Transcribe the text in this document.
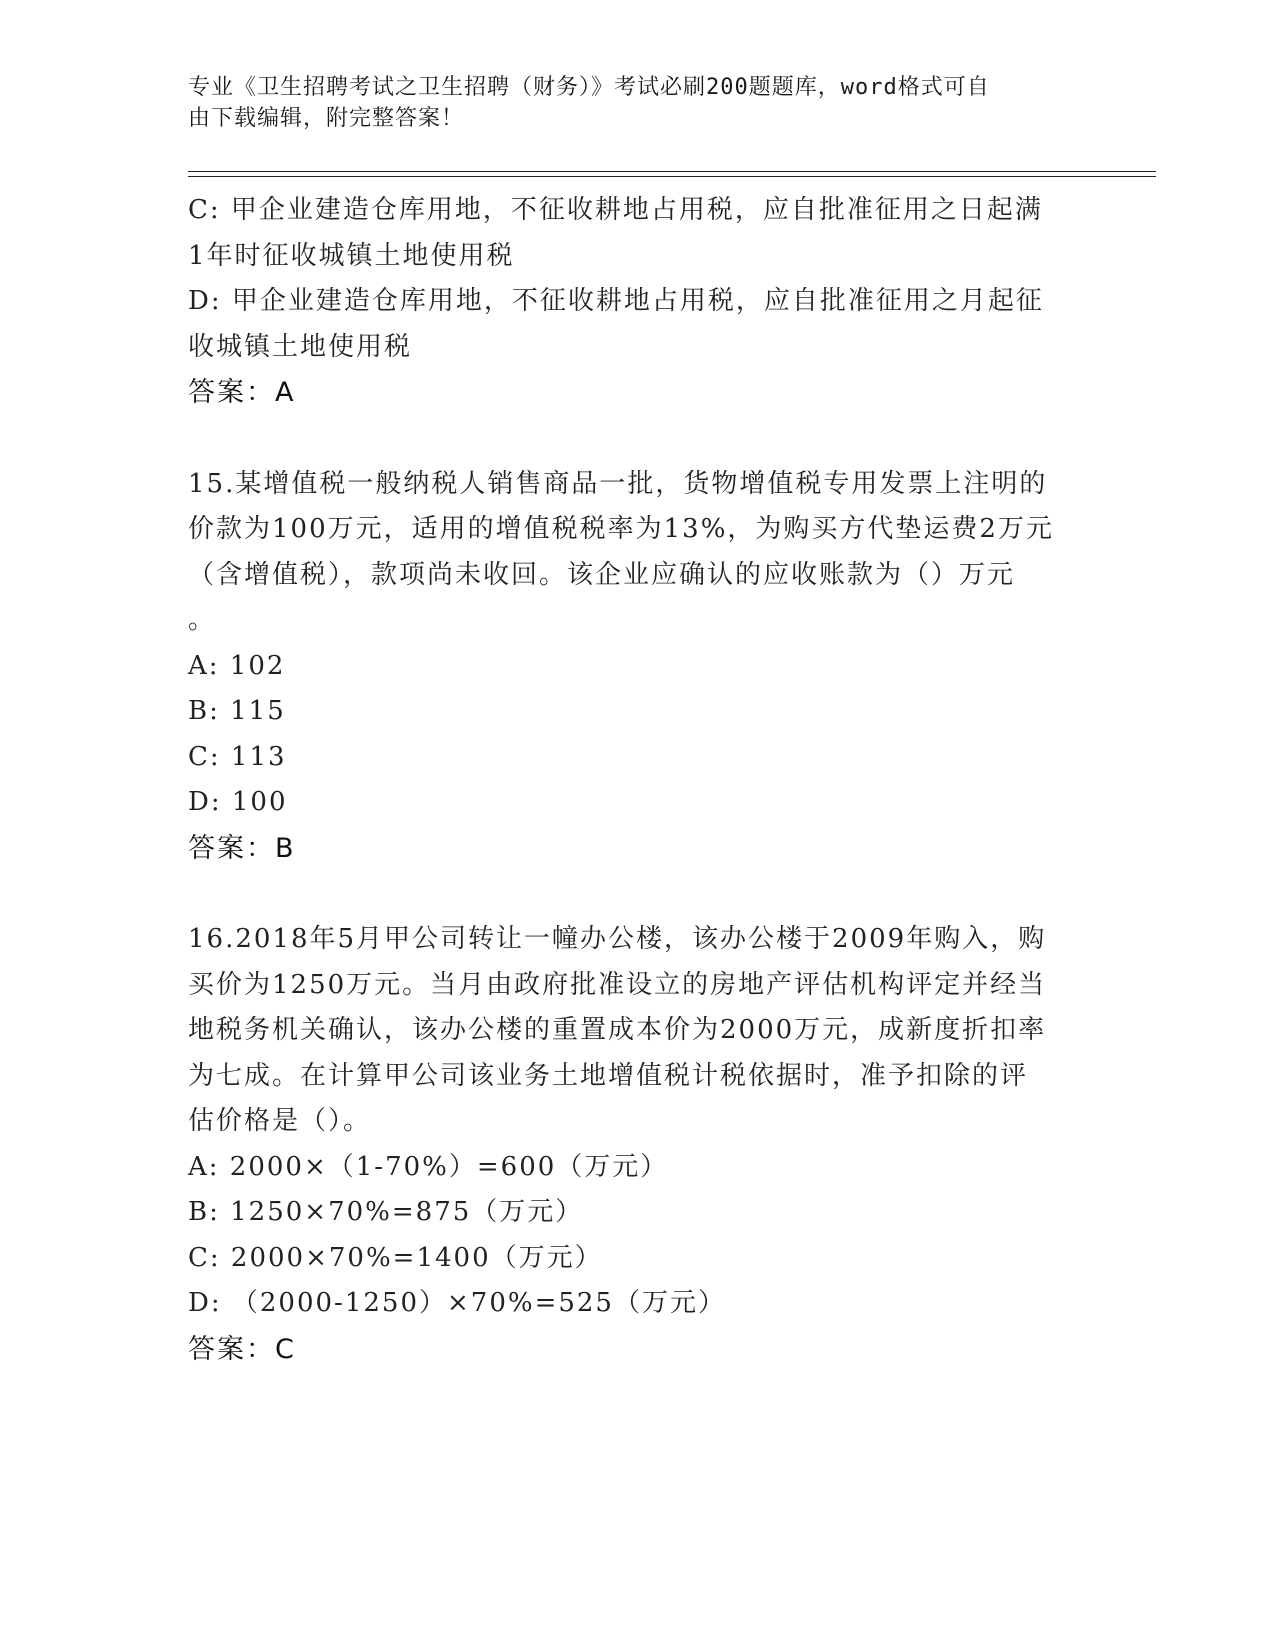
专业《卫生招聘考试之卫生招聘（财务）》考试必刷200题题库，word格式可自
由下载编辑，附完整答案！
C: 甲企业建造仓库用地，不征收耕地占用税，应自批准征用之日起满
1年时征收城镇土地使用税
D: 甲企业建造仓库用地，不征收耕地占用税，应自批准征用之月起征
收城镇土地使用税
答案：A
15.某增值税一般纳税人销售商品一批，货物增值税专用发票上注明的
价款为100万元，适用的增值税税率为13%，为购买方代垫运费2万元
（含增值税），款项尚未收回。该企业应确认的应收账款为（）万元
。
A: 102
B: 115
C: 113
D: 100
答案：B
16.2018年5月甲公司转让一幢办公楼，该办公楼于2009年购入，购
买价为1250万元。当月由政府批准设立的房地产评估机构评定并经当
地税务机关确认，该办公楼的重置成本价为2000万元，成新度折扣率
为七成。在计算甲公司该业务土地增值税计税依据时，准予扣除的评
估价格是（）。
A: 2000×（1-70%）=600（万元）
B: 1250×70%=875（万元）
C: 2000×70%=1400（万元）
D: （2000-1250）×70%=525（万元）
答案：C
